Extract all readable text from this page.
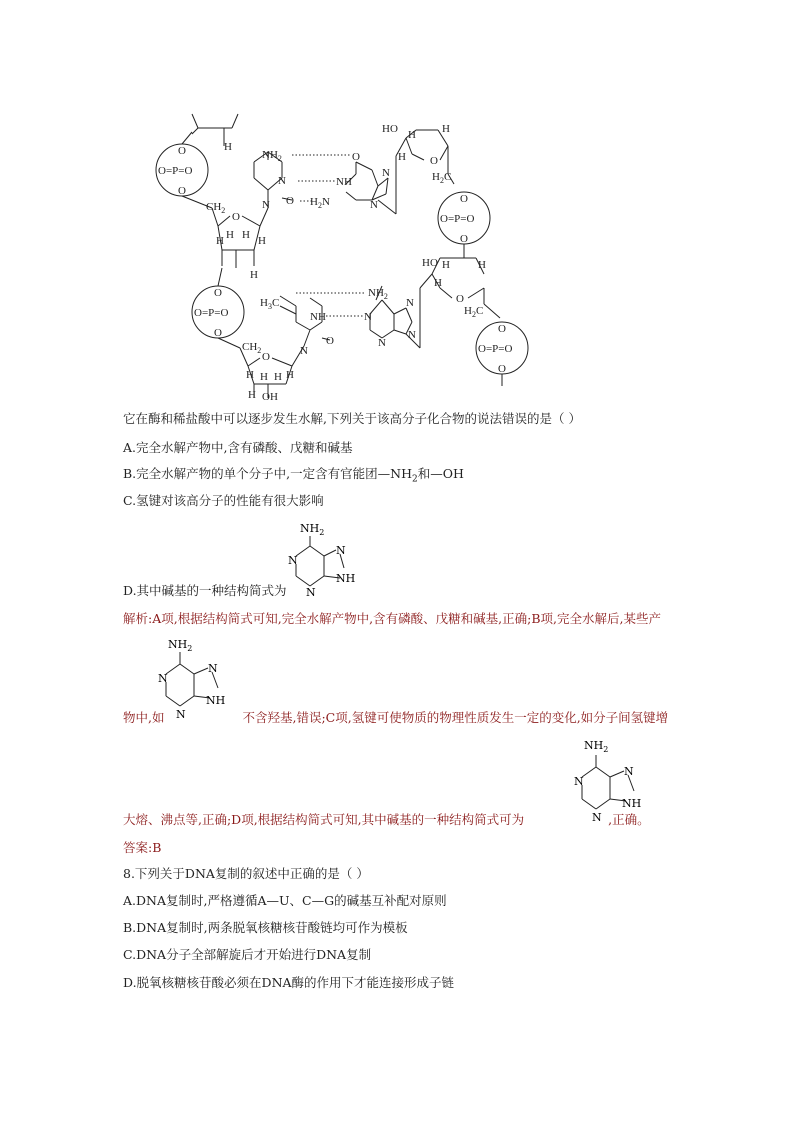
$NH_2$
N
N O
O
NH
$H_2N$
N
N
O=P=O
O
O
H
$CH_2$
O
H H
H	H
H
HO H H
H O
$H_2C$
O
O=P=O
O
HO H	H
H
O
$H_2C$
O
O=P=O
O
$NH_2$
N
N
N
N
$H_3C$
NH
O
N
O=P=O
O
O
$CH_2$
O
H	H
H H
H OH
它在酶和稀盐酸中可以逐步发生水解,下列关于该高分子化合物的说法错误的是（ ）
A.完全水解产物中,含有磷酸、戊糖和碱基
B.完全水解产物的单个分子中,一定含有官能团$—NH_2$和—OH
C.氢键对该高分子的性能有很大影响
$NH_2$
N
N
N
NH
D.其中碱基的一种结构简式为
解析:A项,根据结构简式可知,完全水解产物中,含有磷酸、戊糖和碱基,正确;B项,完全水解后,某些产
$NH_2$
N
N
N
NH
物中,如	不含羟基,错误;C项,氢键可使物质的物理性质发生一定的变化,如分子间氢键增
$NH_2$
N
N
N
NH
大熔、沸点等,正确;D项,根据结构简式可知,其中碱基的一种结构简式可为	,正确。
答案:B
8.下列关于DNA复制的叙述中正确的是（ ）
A.DNA复制时,严格遵循A—U、C—G的碱基互补配对原则
B.DNA复制时,两条脱氧核糖核苷酸链均可作为模板
C.DNA分子全部解旋后才开始进行DNA复制
D.脱氧核糖核苷酸必须在DNA酶的作用下才能连接形成子链
